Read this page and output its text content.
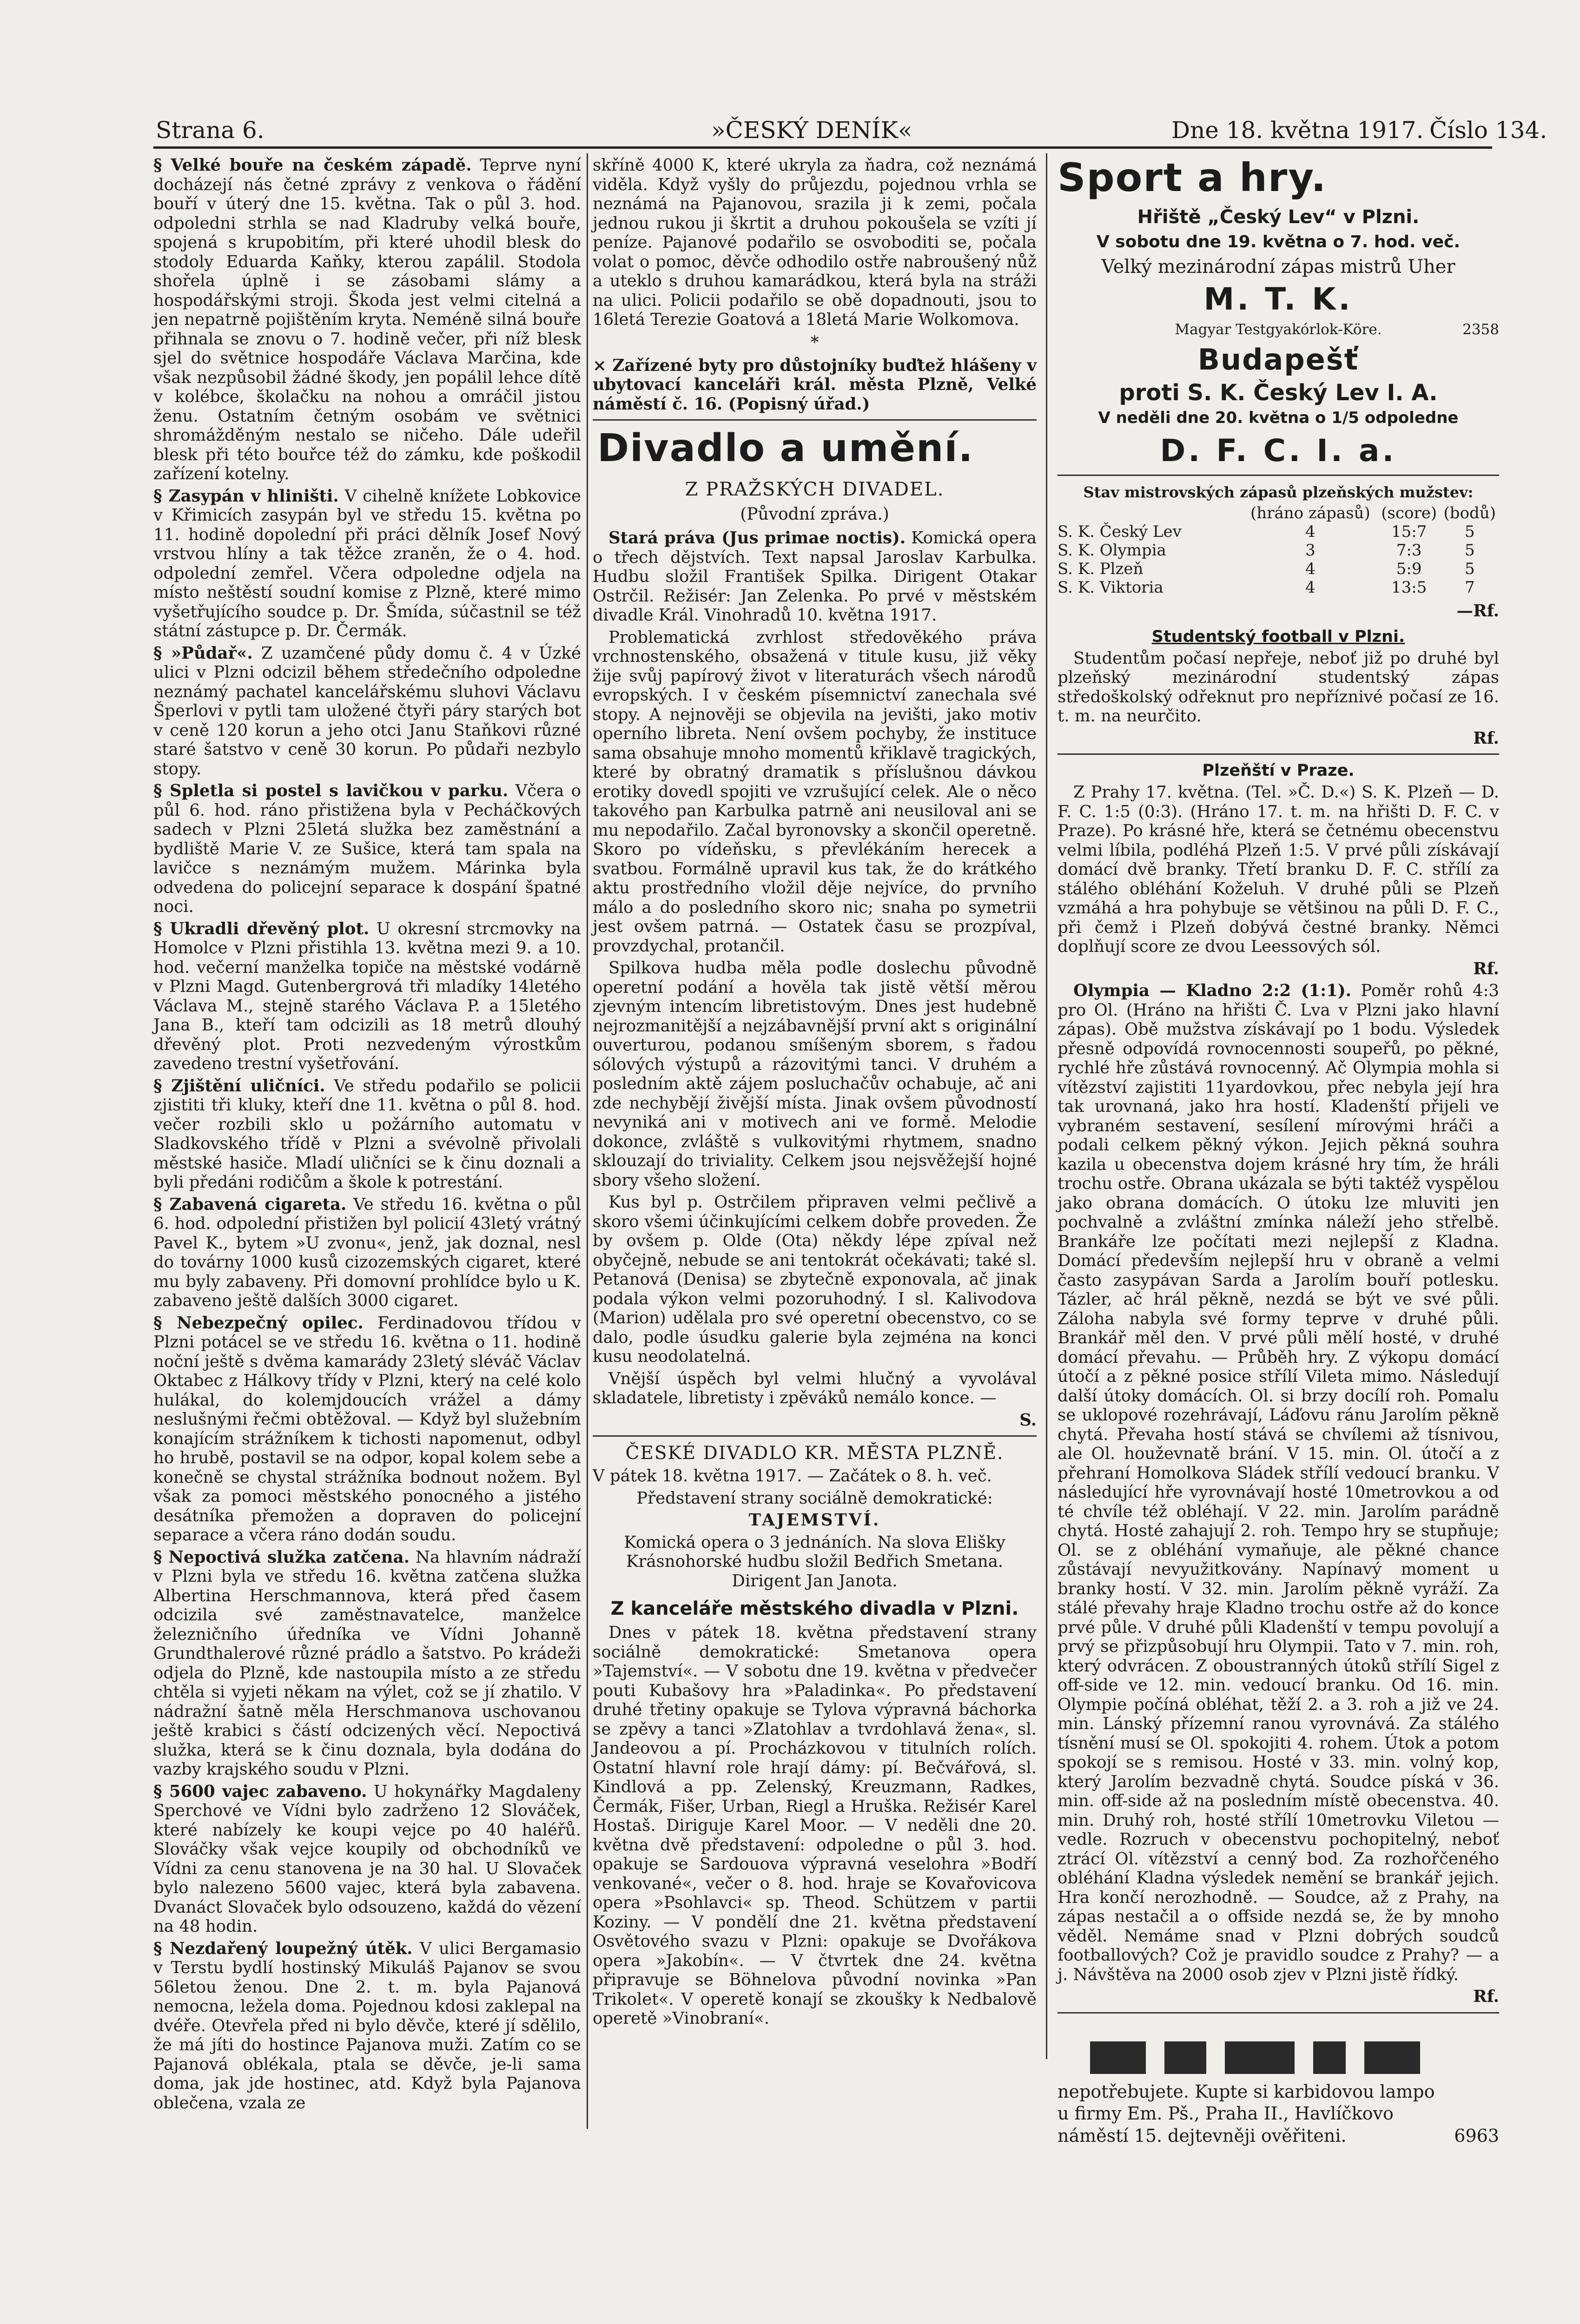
Strana 6.	»ČESKÝ DENÍK«	Dne 18. května 1917. Číslo 134.

§ Velké bouře na českém západě. Teprve nyní docházejí nás četné zprávy z venkova o řádění bouří v úterý dne 15. května. Tak o půl 3. hod. odpoledni strhla se nad Kladruby velká bouře, spojená s krupobitím, při které uhodil blesk do stodoly Eduarda Kaňky, kterou zapálil. Stodola shořela úplně i se zásobami slámy a hospodářskými stroji. Škoda jest velmi citelná a jen nepatrně pojištěním kryta. Neméně silná bouře přihnala se znovu o 7. hodině večer, při níž blesk sjel do světnice hospodáře Václava Marčina, kde však nezpůsobil žádné škody, jen popálil lehce dítě v kolébce, školačku na nohou a omráčil jistou ženu. Ostatním četným osobám ve světnici shromážděným nestalo se ničeho. Dále udeřil blesk při této bouřce též do zámku, kde poškodil zařízení kotelny.

§ Zasypán v hliništi. V cihelně knížete Lobkovice v Křimicích zasypán byl ve středu 15. května po 11. hodině dopolední při práci dělník Josef Nový vrstvou hlíny a tak těžce zraněn, že o 4. hod. odpolední zemřel. Včera odpoledne odjela na místo neštěstí soudní komise z Plzně, které mimo vyšetřujícího soudce p. Dr. Šmída, súčastnil se též státní zástupce p. Dr. Čermák.

§ »Půdař«. Z uzamčené půdy domu č. 4 v Úzké ulici v Plzni odcizil během středečního odpoledne neznámý pachatel kancelářskému sluhovi Václavu Šperlovi v pytli tam uložené čtyři páry starých bot v ceně 120 korun a jeho otci Janu Staňkovi různé staré šatstvo v ceně 30 korun. Po půdaři nezbylo stopy.

§ Spletla si postel s lavičkou v parku. Včera o půl 6. hod. ráno přistižena byla v Pecháčkových sadech v Plzni 25letá služka bez zaměstnání a bydliště Marie V. ze Sušice, která tam spala na lavičce s neznámým mužem. Márinka byla odvedena do policejní separace k dospání špatné noci.

§ Ukradli dřevěný plot. U okresní strcmovky na Homolce v Plzni přistihla 13. května mezi 9. a 10. hod. večerní manželka topiče na městské vodárně v Plzni Magd. Gutenbergrová tři mladíky 14letého Václava M., stejně starého Václava P. a 15letého Jana B., kteří tam odcizili as 18 metrů dlouhý dřevěný plot. Proti nezvedeným výrostkům zavedeno trestní vyšetřování.

§ Zjištění uličníci. Ve středu podařilo se policii zjistiti tři kluky, kteří dne 11. května o půl 8. hod. večer rozbili sklo u požárního automatu v Sladkovského třídě v Plzni a svévolně přivolali městské hasiče. Mladí uličníci se k činu doznali a byli předáni rodičům a škole k potrestání.

§ Zabavená cigareta. Ve středu 16. května o půl 6. hod. odpolední přistižen byl policií 43letý vrátný Pavel K., bytem »U zvonu«, jenž, jak doznal, nesl do továrny 1000 kusů cizozemských cigaret, které mu byly zabaveny. Při domovní prohlídce bylo u K. zabaveno ještě dalších 3000 cigaret.

§ Nebezpečný opilec. Ferdinadovou třídou v Plzni potácel se ve středu 16. května o 11. hodině noční ještě s dvěma kamarády 23letý sléváč Václav Oktabec z Hálkovy třídy v Plzni, který na celé kolo hulákal, do kolemjdoucích vrážel a dámy neslušnými řečmi obtěžoval. — Když byl služebním konajícím strážníkem k tichosti napomenut, odbyl ho hrubě, postavil se na odpor, kopal kolem sebe a konečně se chystal strážníka bodnout nožem. Byl však za pomoci městského ponocného a jistého desátníka přemožen a dopraven do policejní separace a včera ráno dodán soudu.

§ Nepoctivá služka zatčena. Na hlavním nádraží v Plzni byla ve středu 16. května zatčena služka Albertina Herschmannova, která před časem odcizila své zaměstnavatelce, manželce železničního úředníka ve Vídni Johanně Grundthalerové různé prádlo a šatstvo. Po krádeži odjela do Plzně, kde nastoupila místo a ze středu chtěla si vyjeti někam na výlet, což se jí zhatilo. V nádražní šatně měla Herschmanova uschovanou ještě krabici s částí odcizených věcí. Nepoctivá služka, která se k činu doznala, byla dodána do vazby krajského soudu v Plzni.

§ 5600 vajec zabaveno. U hokynářky Magdaleny Sperchové ve Vídni bylo zadrženo 12 Slováček, které nabízely ke koupi vejce po 40 haléřů. Slováčky však vejce koupily od obchodníků ve Vídni za cenu stanovena je na 30 hal. U Slovaček bylo nalezeno 5600 vajec, která byla zabavena. Dvanáct Slovaček bylo odsouzeno, každá do vězení na 48 hodin.

§ Nezdařený loupežný útěk. V ulici Bergamasio v Terstu bydlí hostinský Mikuláš Pajanov se svou 56letou ženou. Dne 2. t. m. byla Pajanová nemocna, ležela doma. Pojednou kdosi zaklepal na dvéře. Otevřela před ni bylo děvče, které jí sdělilo, že má jíti do hostince Pajanova muži. Zatím co se Pajanová oblékala, ptala se děvče, je-li sama doma, jak jde hostinec, atd. Když byla Pajanova oblečena, vzala ze

skříně 4000 K, které ukryla za ňadra, což neznámá viděla. Když vyšly do průjezdu, pojednou vrhla se neznámá na Pajanovou, srazila ji k zemi, počala jednou rukou ji škrtit a druhou pokoušela se vzíti jí peníze. Pajanové podařilo se osvoboditi se, počala volat o pomoc, děvče odhodilo ostře nabroušený nůž a uteklo s druhou kamarádkou, která byla na stráži na ulici. Policii podařilo se obě dopadnouti, jsou to 16letá Terezie Goatová a 18letá Marie Wolkomova.

*

⨯ Zařízené byty pro důstojníky buďtež hlášeny v ubytovací kanceláři král. města Plzně, Velké náměstí č. 16. (Popisný úřad.)

Divadlo a umění.
Z PRAŽSKÝCH DIVADEL.
(Původní zpráva.)

Stará práva (Jus primae noctis). Komická opera o třech dějstvích. Text napsal Jaroslav Karbulka. Hudbu složil František Spilka. Dirigent Otakar Ostrčil. Režisér: Jan Zelenka. Po prvé v městském divadle Král. Vinohradů 10. května 1917.

Problematická zvrhlost středověkého práva vrchnostenského, obsažená v titule kusu, již věky žije svůj papírový život v literaturách všech národů evropských. I v českém písemnictví zanechala své stopy. A nejnověji se objevila na jevišti, jako motiv operního libreta. Není ovšem pochyby, že instituce sama obsahuje mnoho momentů křiklavě tragických, které by obratný dramatik s příslušnou dávkou erotiky dovedl spojiti ve vzrušující celek. Ale o něco takového pan Karbulka patrně ani neusiloval ani se mu nepodařilo. Začal byronovsky a skončil operetně. Skoro po vídeňsku, s převlékáním herecek a svatbou. Formálně upravil kus tak, že do krátkého aktu prostředního vložil děje nejvíce, do prvního málo a do posledního skoro nic; snaha po symetrii jest ovšem patrná. — Ostatek času se prozpíval, provzdychal, protančil.

Spilkova hudba měla podle doslechu původně operetní podání a hověla tak jistě větší měrou zjevným intencím libretistovým. Dnes jest hudebně nejrozmanitější a nejzábavnější první akt s originální ouverturou, podanou smíšeným sborem, s řadou sólových výstupů a rázovitými tanci. V druhém a posledním aktě zájem posluchačův ochabuje, ač ani zde nechybějí živější místa. Jinak ovšem původností nevyniká ani v motivech ani ve formě. Melodie dokonce, zvláště s vulkovitými rhytmem, snadno sklouzají do triviality. Celkem jsou nejsvěžejší hojné sbory všeho složení.

Kus byl p. Ostrčilem připraven velmi pečlivě a skoro všemi účinkujícími celkem dobře proveden. Že by ovšem p. Olde (Ota) někdy lépe zpíval než obyčejně, nebude se ani tentokrát očekávati; také sl. Petanová (Denisa) se zbytečně exponovala, ač jinak podala výkon velmi pozoruhodný. I sl. Kalivodova (Marion) udělala pro své operetní obecenstvo, co se dalo, podle úsudku galerie byla zejména na konci kusu neodolatelná.

Vnější úspěch byl velmi hlučný a vyvolával skladatele, libretisty i zpěváků nemálo konce. —

S.

ČESKÉ DIVADLO KR. MĚSTA PLZNĚ.

V pátek 18. května 1917. — Začátek o 8. h. več.

Představení strany sociálně demokratické:

TAJEMSTVÍ.

Komická opera o 3 jednáních. Na slova Elišky Krásnohorské hudbu složil Bedřich Smetana. Dirigent Jan Janota.

Z kanceláře městského divadla v Plzni.

Dnes v pátek 18. května představení strany sociálně demokratické: Smetanova opera »Tajemství«. — V sobotu dne 19. května v předvečer pouti Kubašovy hra »Paladinka«. Po představení druhé třetiny opakuje se Tylova výpravná báchorka se zpěvy a tanci »Zlatohlav a tvrdohlavá žena«, sl. Jandeovou a pí. Procházkovou v titulních rolích. Ostatní hlavní role hrají dámy: pí. Bečvářová, sl. Kindlová a pp. Zelenský, Kreuzmann, Radkes, Čermák, Fišer, Urban, Riegl a Hruška. Režisér Karel Hostaš. Diriguje Karel Moor. — V neděli dne 20. května dvě představení: odpoledne o půl 3. hod. opakuje se Sardouova výpravná veselohra »Bodří venkované«, večer o 8. hod. hraje se Kovařovicova opera »Psohlavci« sp. Theod. Schützem v partii Koziny. — V pondělí dne 21. května představení Osvětového svazu v Plzni: opakuje se Dvořákova opera »Jakobín«. — V čtvrtek dne 24. května připravuje se Böhnelova původní novinka »Pan Trikolet«. V operetě konají se zkoušky k Nedbalově operetě »Vinobraní«.

Sport a hry.
Hřiště „Český Lev“ v Plzni.
V sobotu dne 19. května o 7. hod. več.
Velký mezinárodní zápas mistrů Uher
M. T. K.
Magyar Testgyakórlok-Köre.	2358
Budapešť
proti S. K. Český Lev I. A.
V neděli dne 20. května o 1/5 odpoledne
D. F. C. I. a.
Stav mistrovských zápasů plzeňských mužstev:
	(hráno zápasů)	(score)	(bodů)
S. K. Český Lev	4	15:7	5
S. K. Olympia	3	7:3	5
S. K. Plzeň	4	5:9	5
S. K. Viktoria	4	13:5	7

—Rf.

Studentský football v Plzni.

Studentům počasí nepřeje, neboť již po druhé byl plzeňský mezinárodní studentský zápas středoškolský odřeknut pro nepříznivé počasí ze 16. t. m. na neurčito.

Rf.

Plzeňští v Praze.

Z Prahy 17. května. (Tel. »Č. D.«) S. K. Plzeň — D. F. C. 1:5 (0:3). (Hráno 17. t. m. na hřišti D. F. C. v Praze). Po krásné hře, která se četnému obecenstvu velmi líbila, podléhá Plzeň 1:5. V prvé půli získávají domácí dvě branky. Třetí branku D. F. C. střílí za stálého obléhání Koželuh. V druhé půli se Plzeň vzmáhá a hra pohybuje se většinou na půli D. F. C., při čemž i Plzeň dobývá čestné branky. Němci doplňují score ze dvou Leessových sól.

Rf.

Olympia — Kladno 2:2 (1:1). Poměr rohů 4:3 pro Ol. (Hráno na hřišti Č. Lva v Plzni jako hlavní zápas). Obě mužstva získávají po 1 bodu. Výsledek přesně odpovídá rovnocennosti soupeřů, po pěkné, rychlé hře zůstává rovnocenný. Ač Olympia mohla si vítězství zajistiti 11yardovkou, přec nebyla její hra tak urovnaná, jako hra hostí. Kladenští přijeli ve vybraném sestavení, sesílení mírovými hráči a podali celkem pěkný výkon. Jejich pěkná souhra kazila u obecenstva dojem krásné hry tím, že hráli trochu ostře. Obrana ukázala se býti taktéž vyspělou jako obrana domácích. O útoku lze mluviti jen pochvalně a zvláštní zmínka náleží jeho střelbě. Brankáře lze počítati mezi nejlepší z Kladna. Domácí především nejlepší hru v obraně a velmi často zasypávan Sarda a Jarolím bouří potlesku. Tázler, ač hrál pěkně, nezdá se být ve své půli. Záloha nabyla své formy teprve v druhé půli. Brankář měl den. V prvé půli mělí hosté, v druhé domácí převahu. — Průběh hry. Z výkopu domácí útočí a z pěkné posice střílí Vileta mimo. Následují další útoky domácích. Ol. si brzy docílí roh. Pomalu se uklopové rozehrávají, Láďovu ránu Jarolím pěkně chytá. Převaha hostí stává se chvílemi až tísnivou, ale Ol. houževnatě brání. V 15. min. Ol. útočí a z přehraní Homolkova Sládek střílí vedoucí branku. V následující hře vyrovnávají hosté 10metrovkou a od té chvíle též obléhají. V 22. min. Jarolím parádně chytá. Hosté zahajují 2. roh. Tempo hry se stupňuje; Ol. se z obléhání vymaňuje, ale pěkné chance zůstávají nevyužitkovány. Napínavý moment u branky hostí. V 32. min. Jarolím pěkně vyráží. Za stálé převahy hraje Kladno trochu ostře až do konce prvé půle. V druhé půli Kladenští v tempu povolují a prvý se přizpůsobují hru Olympii. Tato v 7. min. roh, který odvrácen. Z oboustranných útoků střílí Sigel z off-side ve 12. min. vedoucí branku. Od 16. min. Olympie počíná obléhat, těží 2. a 3. roh a již ve 24. min. Lánský přízemní ranou vyrovnává. Za stálého tísnění musí se Ol. spokojiti 4. rohem. Útok a potom spokojí se s remisou. Hosté v 33. min. volný kop, který Jarolím bezvadně chytá. Soudce píská v 36. min. off-side až na posledním místě obecenstva. 40. min. Druhý roh, hosté střílí 10metrovku Viletou — vedle. Rozruch v obecenstvu pochopitelný, neboť ztrácí Ol. vítězství a cenný bod. Za rozhořčeného obléhání Kladna výsledek nemění se brankář jejich. Hra končí nerozhodně. — Soudce, až z Prahy, na zápas nestačil a o offside nezdá se, že by mnoho věděl. Nemáme snad v Plzni dobrých soudců footballových? Což je pravidlo soudce z Prahy? — a j. Návštěva na 2000 osob zjev v Plzni jistě řídký.

Rf.

nepotřebujete. Kupte si karbidovou lampo

u firmy Em. Pš., Praha II., Havlíčkovo

náměstí 15. dejtevněji ověřiteni.	6963
